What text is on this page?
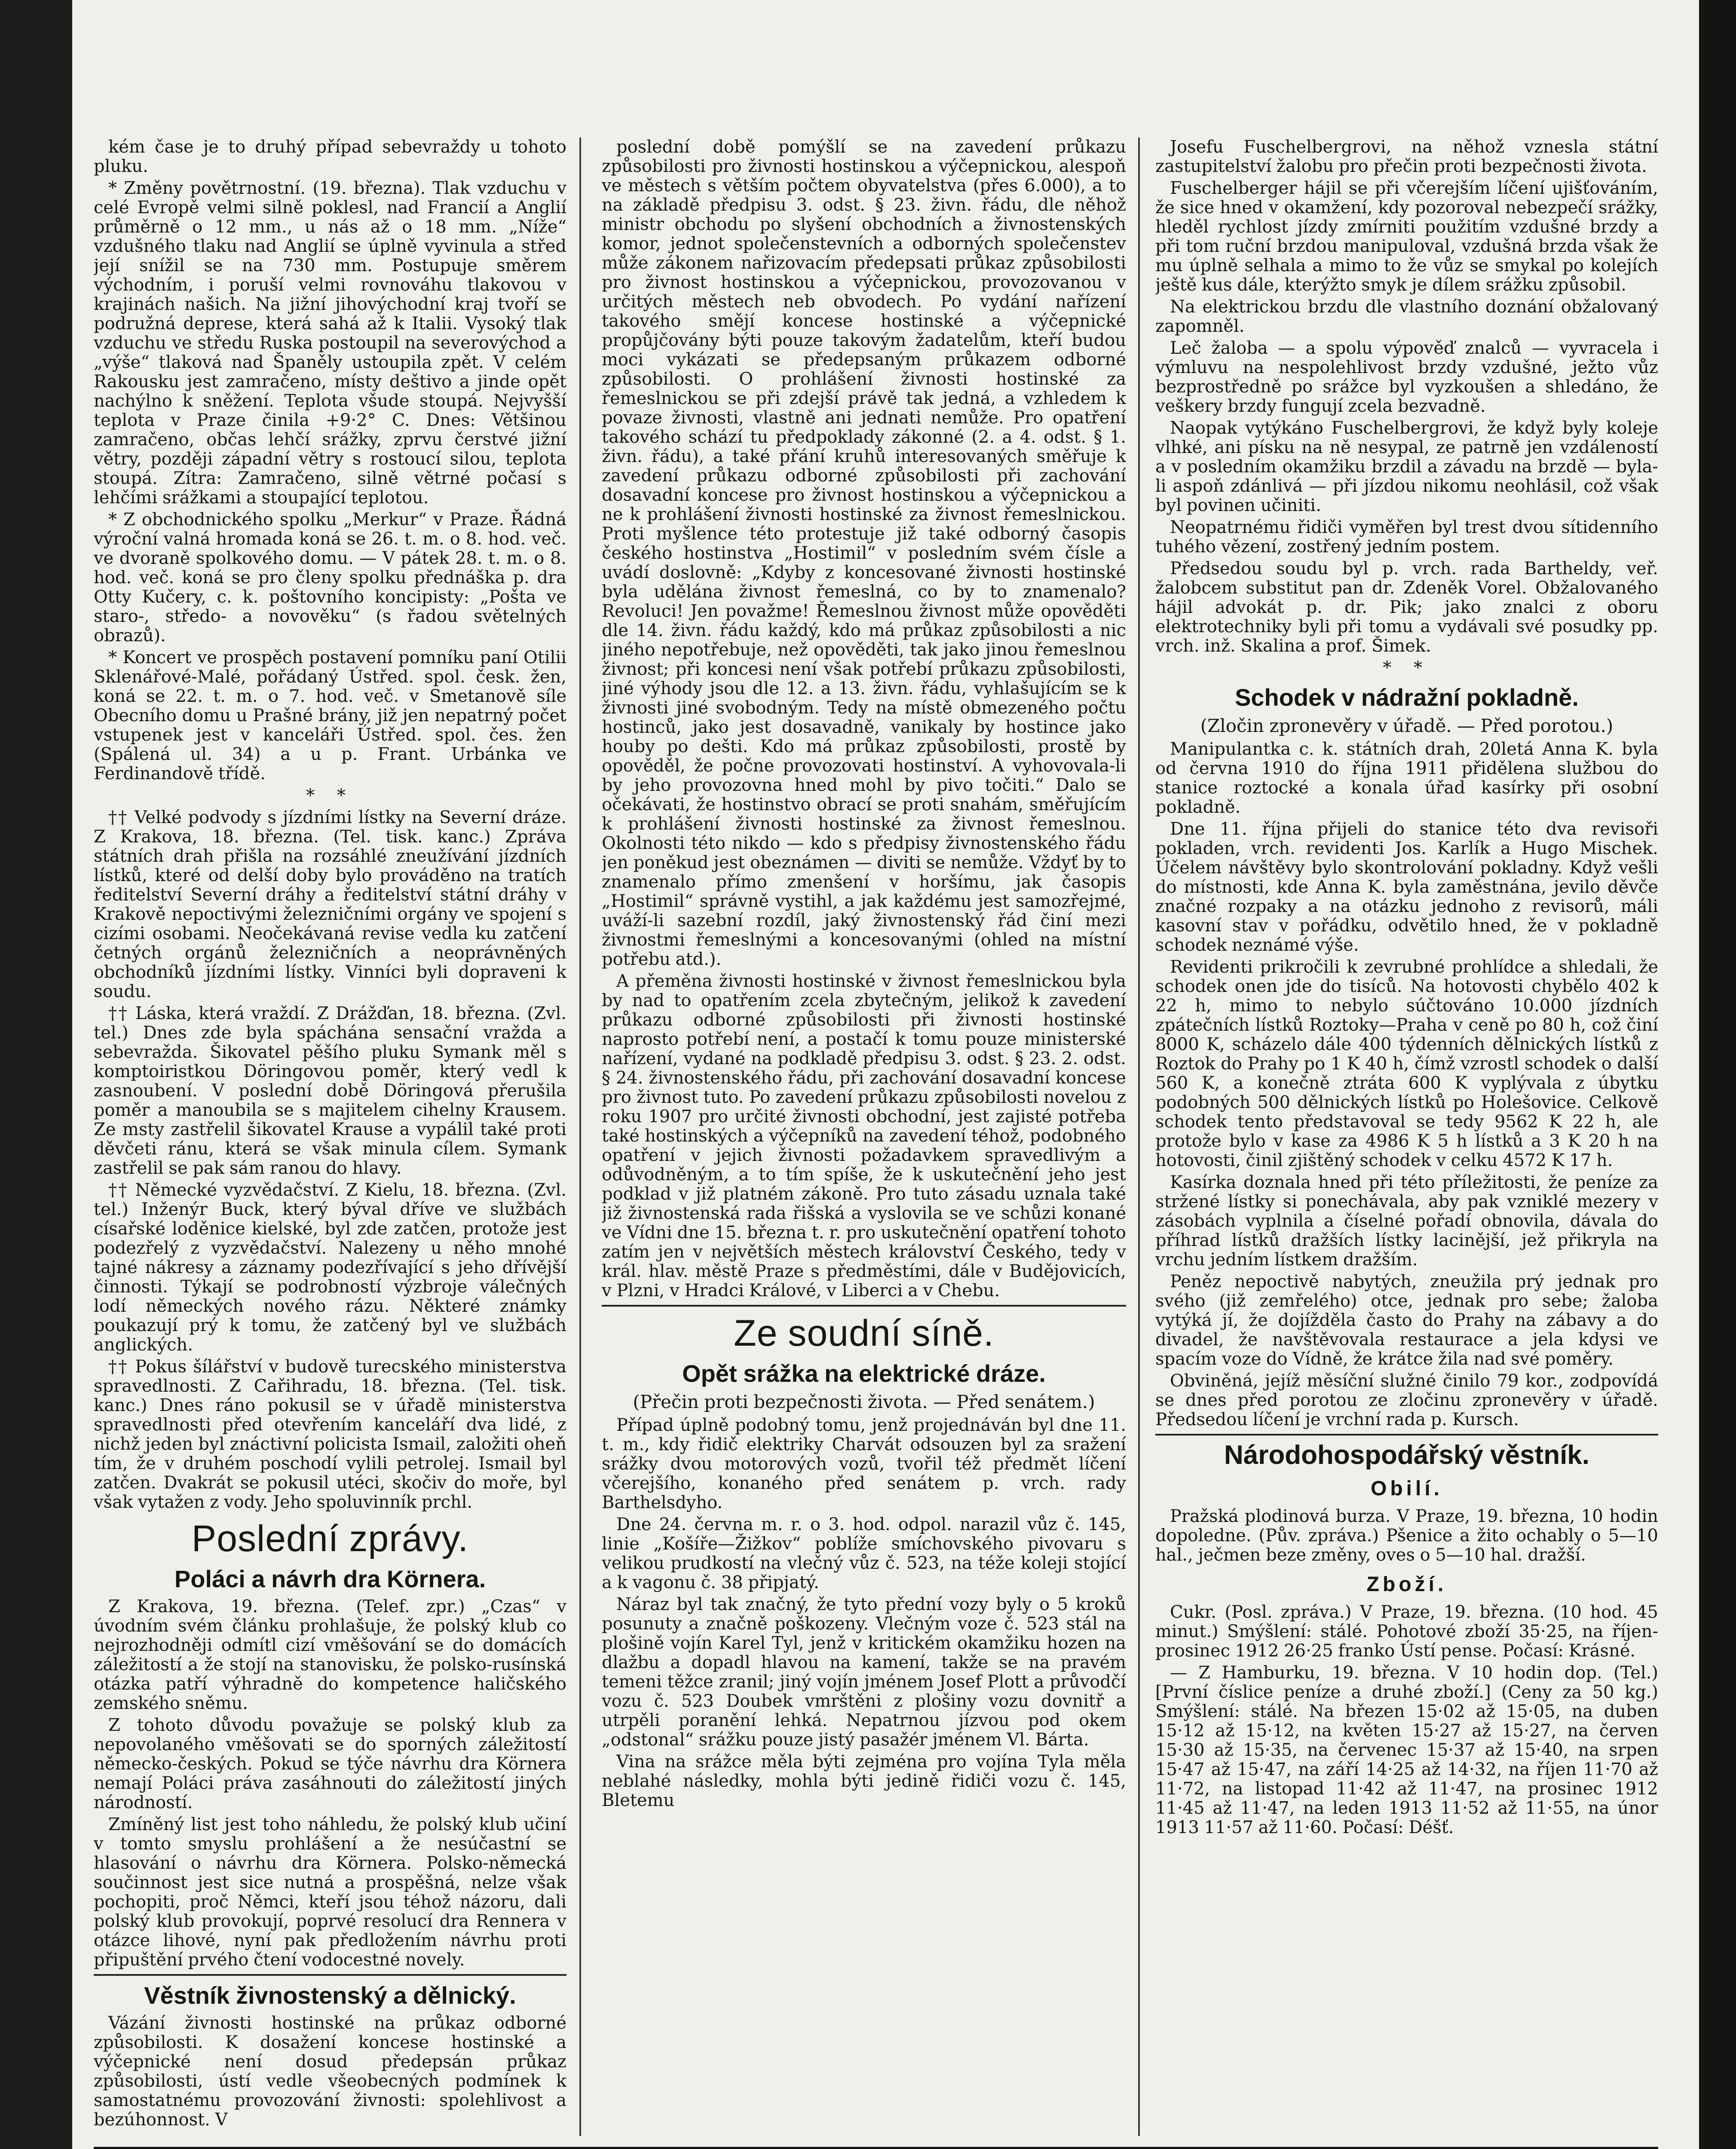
kém čase je to druhý případ sebevraždy u tohoto pluku.

* Změny povětrnostní. (19. března). Tlak vzduchu v celé Evropě velmi silně poklesl, nad Francií a Anglií průměrně o 12 mm., u nás až o 18 mm. „Níže“ vzdušného tlaku nad Anglií se úplně vyvinula a střed její snížil se na 730 mm. Postupuje směrem východním, i poruší velmi rovnováhu tlakovou v krajinách našich. Na jižní jihovýchodní kraj tvoří se podružná deprese, která sahá až k Italii. Vysoký tlak vzduchu ve středu Ruska postoupil na severovýchod a „výše“ tlaková nad Španěly ustoupila zpět. V celém Rakousku jest zamračeno, místy deštivo a jinde opět nachýlno k sněžení. Teplota všude stoupá. Nejvyšší teplota v Praze činila +9·2° C. Dnes: Většinou zamračeno, občas lehčí srážky, zprvu čerstvé jižní větry, později západní větry s rostoucí silou, teplota stoupá. Zítra: Zamračeno, silně větrné počasí s lehčími srážkami a stoupající teplotou.

* Z obchodnického spolku „Merkur“ v Praze. Řádná výroční valná hromada koná se 26. t. m. o 8. hod. več. ve dvoraně spolkového domu. — V pátek 28. t. m. o 8. hod. več. koná se pro členy spolku přednáška p. dra Otty Kučery, c. k. poštovního koncipisty: „Pošta ve staro-, středo- a novověku“ (s řadou světelných obrazů).

* Koncert ve prospěch postavení pomníku paní Otilii Sklenářové-Malé, pořádaný Ústřed. spol. česk. žen, koná se 22. t. m. o 7. hod. več. v Smetanově síle Obecního domu u Prašné brány, již jen nepatrný počet vstupenek jest v kanceláři Ústřed. spol. čes. žen (Spálená ul. 34) a u p. Frant. Urbánka ve Ferdinandově třídě.

* *

†† Velké podvody s jízdními lístky na Severní dráze. Z Krakova, 18. března. (Tel. tisk. kanc.) Zpráva státních drah přišla na rozsáhlé zneužívání jízdních lístků, které od delší doby bylo prováděno na tratích ředitelství Severní dráhy a ředitelství státní dráhy v Krakově nepoctivými železničními orgány ve spojení s cizími osobami. Neočekávaná revise vedla ku zatčení četných orgánů železničních a neoprávněných obchodníků jízdními lístky. Vinníci byli dopraveni k soudu.

†† Láska, která vraždí. Z Drážďan, 18. března. (Zvl. tel.) Dnes zde byla spáchána sensační vražda a sebevražda. Šikovatel pěšího pluku Symank měl s komptoiristkou Döringovou poměr, který vedl k zasnoubení. V poslední době Döringová přerušila poměr a manoubila se s majitelem cihelny Krausem. Ze msty zastřelil šikovatel Krause a vypálil také proti děvčeti ránu, která se však minula cílem. Symank zastřelil se pak sám ranou do hlavy.

†† Německé vyzvědačství. Z Kielu, 18. března. (Zvl. tel.) Inženýr Buck, který býval dříve ve službách císařské loděnice kielské, byl zde zatčen, protože jest podezřelý z vyzvědačství. Nalezeny u něho mnohé tajné nákresy a záznamy podezřívající s jeho dřívější činnosti. Týkají se podrobností výzbroje válečných lodí německých nového rázu. Některé známky poukazují prý k tomu, že zatčený byl ve službách anglických.

†† Pokus šílářství v budově turecského ministerstva spravedlnosti. Z Cařihradu, 18. března. (Tel. tisk. kanc.) Dnes ráno pokusil se v úřadě ministerstva spravedlnosti před otevřením kanceláří dva lidé, z nichž jeden byl znáctivní policista Ismail, založiti oheň tím, že v druhém poschodí vylili petrolej. Ismail byl zatčen. Dvakrát se pokusil utéci, skočiv do moře, byl však vytažen z vody. Jeho spoluvinník prchl.

Poslední zprávy.
Poláci a návrh dra Körnera.

Z Krakova, 19. března. (Telef. zpr.) „Czas“ v úvodním svém článku prohlašuje, že polský klub co nejrozhodněji odmítl cizí vměšování se do domácích záležitostí a že stojí na stanovisku, že polsko-rusínská otázka patří výhradně do kompetence haličského zemského sněmu.

Z tohoto důvodu považuje se polský klub za nepovolaného vměšovati se do sporných záležitostí německo-českých. Pokud se týče návrhu dra Körnera nemají Poláci práva zasáhnouti do záležitostí jiných národností.

Zmíněný list jest toho náhledu, že polský klub učiní v tomto smyslu prohlášení a že nesúčastní se hlasování o návrhu dra Körnera. Polsko-německá součinnost jest sice nutná a prospěšná, nelze však pochopiti, proč Němci, kteří jsou téhož názoru, dali polský klub provokují, poprvé resolucí dra Rennera v otázce lihové, nyní pak předložením návrhu proti připuštění prvého čtení vodocestné novely.

Věstník živnostenský a dělnický.

Vázání živnosti hostinské na průkaz odborné způsobilosti. K dosažení koncese hostinské a výčepnické není dosud předepsán průkaz způsobilosti, ústí vedle všeobecných podmínek k samostatnému provozování živnosti: spolehlivost a bezúhonnost. V

poslední době pomýšlí se na zavedení průkazu způsobilosti pro živnosti hostinskou a výčepnickou, alespoň ve městech s větším počtem obyvatelstva (přes 6.000), a to na základě předpisu 3. odst. § 23. živn. řádu, dle něhož ministr obchodu po slyšení obchodních a živnostenských komor, jednot společenstevních a odborných společenstev může zákonem nařizovacím předepsati průkaz způsobilosti pro živnost hostinskou a výčepnickou, provozovanou v určitých městech neb obvodech. Po vydání nařízení takového smějí koncese hostinské a výčepnické propůjčovány býti pouze takovým žadatelům, kteří budou moci vykázati se předepsaným průkazem odborné způsobilosti. O prohlášení živnosti hostinské za řemeslnickou se při zdejší právě tak jedná, a vzhledem k povaze živnosti, vlastně ani jednati nemůže. Pro opatření takového schází tu předpoklady zákonné (2. a 4. odst. § 1. živn. řádu), a také přání kruhů interesovaných směřuje k zavedení průkazu odborné způsobilosti při zachování dosavadní koncese pro živnost hostinskou a výčepnickou a ne k prohlášení živnosti hostinské za živnost řemeslnickou. Proti myšlence této protestuje již také odborný časopis českého hostinstva „Hostimil“ v posledním svém čísle a uvádí doslovně: „Kdyby z koncesované živnosti hostinské byla udělána živnost řemeslná, co by to znamenalo? Revoluci! Jen považme! Řemeslnou živnost může opověděti dle 14. živn. řádu každý, kdo má průkaz způsobilosti a nic jiného nepotřebuje, než opověděti, tak jako jinou řemeslnou živnost; při koncesi není však potřebí průkazu způsobilosti, jiné výhody jsou dle 12. a 13. živn. řádu, vyhlašujícím se k živnosti jiné svobodným. Tedy na místě obmezeného počtu hostinců, jako jest dosavadně, vanikaly by hostince jako houby po dešti. Kdo má průkaz způsobilosti, prostě by opověděl, že počne provozovati hostinství. A vyhovovala-li by jeho provozovna hned mohl by pivo točiti.“ Dalo se očekávati, že hostinstvo obrací se proti snahám, směřujícím k prohlášení živnosti hostinské za živnost řemeslnou. Okolnosti této nikdo — kdo s předpisy živnostenského řádu jen poněkud jest obeznámen — diviti se nemůže. Vždyť by to znamenalo přímo zmenšení v horšímu, jak časopis „Hostimil“ správně vystihl, a jak každému jest samozřejmé, uváží-li sazební rozdíl, jaký živnostenský řád činí mezi živnostmi řemeslnými a koncesovanými (ohled na místní potřebu atd.).

A přeměna živnosti hostinské v živnost řemeslnickou byla by nad to opatřením zcela zbytečným, jelikož k zavedení průkazu odborné způsobilosti při živnosti hostinské naprosto potřebí není, a postačí k tomu pouze ministerské nařízení, vydané na podkladě předpisu 3. odst. § 23. 2. odst. § 24. živnostenského řádu, při zachování dosavadní koncese pro živnost tuto. Po zavedení průkazu způsobilosti novelou z roku 1907 pro určité živnosti obchodní, jest zajisté potřeba také hostinských a výčepníků na zavedení téhož, podobného opatření v jejich živnosti požadavkem spravedlivým a odůvodněným, a to tím spíše, že k uskutečnění jeho jest podklad v již platném zákoně. Pro tuto zásadu uznala také již živnostenská rada řišská a vyslovila se ve schůzi konané ve Vídni dne 15. března t. r. pro uskutečnění opatření tohoto zatím jen v největších městech království Českého, tedy v král. hlav. městě Praze s předměstími, dále v Budějovicích, v Plzni, v Hradci Králové, v Liberci a v Chebu.

Ze soudní síně.
Opět srážka na elektrické dráze.

(Přečin proti bezpečnosti života. — Před senátem.)

Případ úplně podobný tomu, jenž projednáván byl dne 11. t. m., kdy řidič elektriky Charvát odsouzen byl za sražení srážky dvou motorových vozů, tvořil též předmět líčení včerejšího, konaného před senátem p. vrch. rady Barthelsdyho.

Dne 24. června m. r. o 3. hod. odpol. narazil vůz č. 145, linie „Košíře—Žižkov“ poblíže smíchovského pivovaru s velikou prudkostí na vlečný vůz č. 523, na téže koleji stojící a k vagonu č. 38 připjatý.

Náraz byl tak značný, že tyto přední vozy byly o 5 kroků posunuty a značně poškozeny. Vlečným voze č. 523 stál na plošině vojín Karel Tyl, jenž v kritickém okamžiku hozen na dlažbu a dopadl hlavou na kamení, takže se na pravém temeni těžce zranil; jiný vojín jménem Josef Plott a průvodčí vozu č. 523 Doubek vmrštěni z plošiny vozu dovnitř a utrpěli poranění lehká. Nepatrnou jízvou pod okem „odstonal“ srážku pouze jistý pasažér jménem Vl. Bárta.

Vina na srážce měla býti zejména pro vojína Tyla měla neblahé následky, mohla býti jedině řidiči vozu č. 145, Bletemu

Josefu Fuschelbergrovi, na něhož vznesla státní zastupitelství žalobu pro přečin proti bezpečnosti života.

Fuschelberger hájil se při včerejším líčení ujišťováním, že sice hned v okamžení, kdy pozoroval nebezpečí srážky, hleděl rychlost jízdy zmírniti použitím vzdušné brzdy a při tom ruční brzdou manipuloval, vzdušná brzda však že mu úplně selhala a mimo to že vůz se smykal po kolejích ještě kus dále, kterýžto smyk je dílem srážku způsobil.

Na elektrickou brzdu dle vlastního doznání obžalovaný zapomněl.

Leč žaloba — a spolu výpověď znalců — vyvracela i výmluvu na nespolehlivost brzdy vzdušné, ježto vůz bezprostředně po srážce byl vyzkoušen a shledáno, že veškery brzdy fungují zcela bezvadně.

Naopak vytýkáno Fuschelbergrovi, že když byly koleje vlhké, ani písku na ně nesypal, ze patrně jen vzdáleností a v posledním okamžiku brzdil a závadu na brzdě — byla-li aspoň zdánlivá — při jízdou nikomu neohlásil, což však byl povinen učiniti.

Neopatrnému řidiči vyměřen byl trest dvou sítidenního tuhého vězení, zostřený jedním postem.

Předsedou soudu byl p. vrch. rada Bartheldy, veř. žalobcem substitut pan dr. Zdeněk Vorel. Obžalovaného hájil advokát p. dr. Pik; jako znalci z oboru elektrotechniky byli při tomu a vydávali své posudky pp. vrch. inž. Skalina a prof. Šimek.

* *
Schodek v nádražní pokladně.

(Zločin zpronevěry v úřadě. — Před porotou.)

Manipulantka c. k. státních drah, 20letá Anna K. byla od června 1910 do října 1911 přidělena službou do stanice roztocké a konala úřad kasírky při osobní pokladně.

Dne 11. října přijeli do stanice této dva revisoři pokladen, vrch. revidenti Jos. Karlík a Hugo Mischek. Účelem návštěvy bylo skontrolování pokladny. Když vešli do místnosti, kde Anna K. byla zaměstnána, jevilo děvče značné rozpaky a na otázku jednoho z revisorů, máli kasovní stav v pořádku, odvětilo hned, že v pokladně schodek neznámé výše.

Revidenti prikročili k zevrubné prohlídce a shledali, že schodek onen jde do tisíců. Na hotovosti chybělo 402 k 22 h, mimo to nebylo súčtováno 10.000 jízdních zpátečních lístků Roztoky—Praha v ceně po 80 h, což činí 8000 K, scházelo dále 400 týdenních dělnických lístků z Roztok do Prahy po 1 K 40 h, čímž vzrostl schodek o další 560 K, a konečně ztráta 600 K vyplývala z úbytku podobných 500 dělnických lístků po Holešovice. Celkově schodek tento představoval se tedy 9562 K 22 h, ale protože bylo v kase za 4986 K 5 h lístků a 3 K 20 h na hotovosti, činil zjištěný schodek v celku 4572 K 17 h.

Kasírka doznala hned při této příležitosti, že peníze za stržené lístky si ponechávala, aby pak vzniklé mezery v zásobách vyplnila a číselné pořadí obnovila, dávala do příhrad lístků dražších lístky lacinější, jež přikryla na vrchu jedním lístkem dražším.

Peněz nepoctivě nabytých, zneužila prý jednak pro svého (již zemřelého) otce, jednak pro sebe; žaloba vytýká jí, že dojížděla často do Prahy na zábavy a do divadel, že navštěvovala restaurace a jela kdysi ve spacím voze do Vídně, že krátce žila nad své poměry.

Obviněná, jejíž měsíční služné činilo 79 kor., zodpovídá se dnes před porotou ze zločinu zpronevěry v úřadě. Předsedou líčení je vrchní rada p. Kursch.

Národohospodářský věstník.
Obilí.

Pražská plodinová burza. V Praze, 19. března, 10 hodin dopoledne. (Pův. zpráva.) Pšenice a žito ochably o 5—10 hal., ječmen beze změny, oves o 5—10 hal. dražší.

Zboží.

Cukr. (Posl. zpráva.) V Praze, 19. března. (10 hod. 45 minut.) Smýšlení: stálé. Pohotové zboží 35·25, na říjen-prosinec 1912 26·25 franko Ústí pense. Počasí: Krásné.

— Z Hamburku, 19. března. V 10 hodin dop. (Tel.) [První číslice peníze a druhé zboží.] (Ceny za 50 kg.) Smýšlení: stálé. Na březen 15·02 až 15·05, na duben 15·12 až 15·12, na květen 15·27 až 15·27, na červen 15·30 až 15·35, na červenec 15·37 až 15·40, na srpen 15·47 až 15·47, na září 14·25 až 14·32, na říjen 11·70 až 11·72, na listopad 11·42 až 11·47, na prosinec 1912 11·45 až 11·47, na leden 1913 11·52 až 11·55, na únor 1913 11·57 až 11·60. Počasí: Déšť.
